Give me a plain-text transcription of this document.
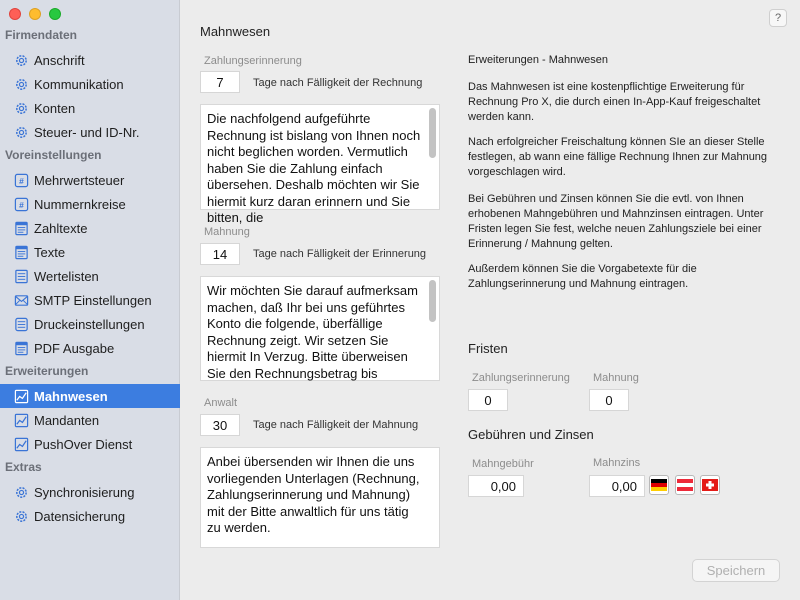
Firmendaten
Anschrift
Kommunikation
Konten
Steuer- und ID-Nr.
Voreinstellungen
# Mehrwertsteuer
# Nummernkreise
Zahltexte
Texte
Wertelisten
SMTP Einstellungen
Druckeinstellungen
PDF Ausgabe
Erweiterungen
Mahnwesen
Mandanten
PushOver Dienst
Extras
Synchronisierung
Datensicherung
?
Mahnwesen
Zahlungserinnerung
7	Tage nach Fälligkeit der Rechnung
Die nachfolgend aufgeführte Rechnung ist bislang von Ihnen noch nicht beglichen worden. Vermutlich haben Sie die Zahlung einfach übersehen. Deshalb möchten wir Sie hiermit kurz daran erinnern und Sie bitten, die
Mahnung
14	Tage nach Fälligkeit der Erinnerung
Wir möchten Sie darauf aufmerksam machen, daß Ihr bei uns geführtes Konto die folgende, überfällige Rechnung zeigt. Wir setzen Sie hiermit In Verzug. Bitte überweisen Sie den Rechnungsbetrag bis
Anwalt
30	Tage nach Fälligkeit der Mahnung
Anbei übersenden wir Ihnen die uns vorliegenden Unterlagen (Rechnung, Zahlungserinnerung und Mahnung) mit der Bitte anwaltlich für uns tätig zu werden.
Erweiterungen - Mahnwesen
Das Mahnwesen ist eine kostenpflichtige Erweiterung für Rechnung Pro X, die durch einen In-App-Kauf freigeschaltet werden kann.
Nach erfolgreicher Freischaltung können SIe an dieser Stelle festlegen, ab wann eine fällige Rechnung Ihnen zur Mahnung vorgeschlagen wird.
Bei Gebühren und Zinsen können Sie die evtl. von Ihnen erhobenen Mahngebühren und Mahnzinsen eintragen. Unter Fristen legen Sie fest, welche neuen Zahlungsziele bei einer Erinnerung / Mahnung gelten.
Außerdem können Sie die Vorgabetexte für die Zahlungserinnerung und Mahnung eintragen.
Fristen
Zahlungserinnerung
0
Mahnung
0
Gebühren und Zinsen
Mahngebühr
0,00
Mahnzins
0,00
Speichern
